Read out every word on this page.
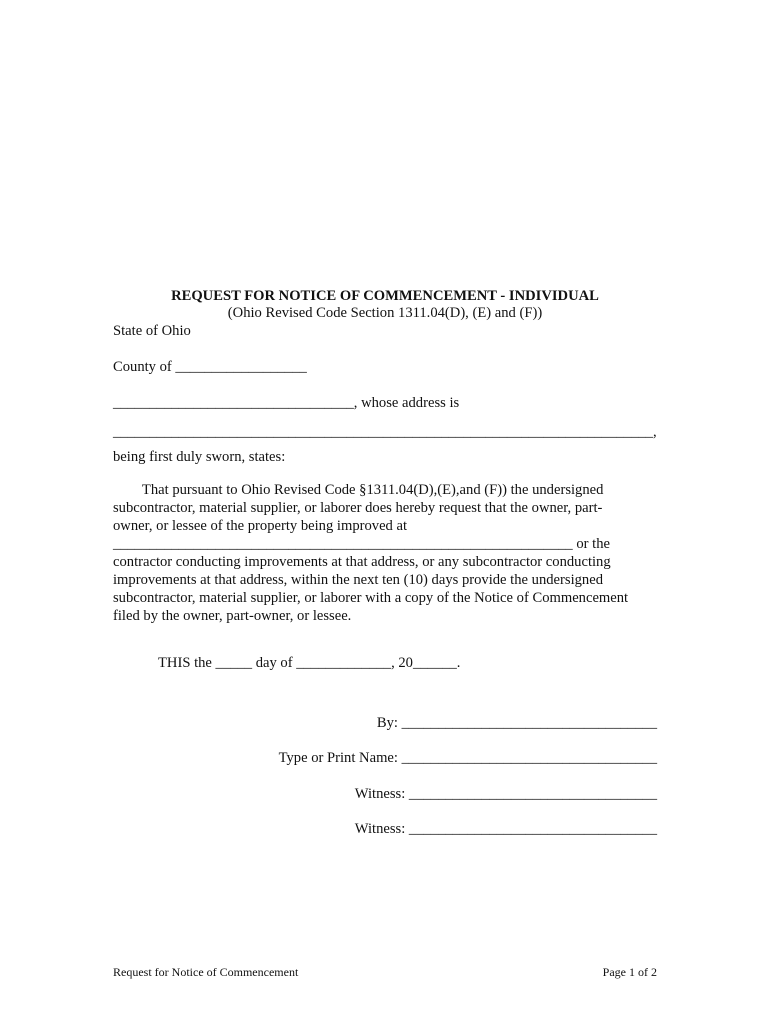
REQUEST FOR NOTICE OF COMMENCEMENT - INDIVIDUAL
(Ohio Revised Code Section 1311.04(D), (E) and (F))
State of Ohio
County of __________________
_________________________________, whose address is
__________________________________________________________________________,
being first duly sworn, states:
That pursuant to Ohio Revised Code §1311.04(D),(E),and (F)) the undersigned
subcontractor, material supplier, or laborer does hereby request that the owner, part-
owner, or lessee of the property being improved at
_______________________________________________________________ or the
contractor conducting improvements at that address, or any subcontractor conducting
improvements at that address, within the next ten (10) days provide the undersigned
subcontractor, material supplier, or laborer with a copy of the Notice of Commencement
filed by the owner, part-owner, or lessee.
THIS the _____ day of _____________, 20______.
By: ___________________________________
Type or Print Name: ___________________________________
Witness: __________________________________
Witness: __________________________________
Request for Notice of Commencement	Page 1 of 2
